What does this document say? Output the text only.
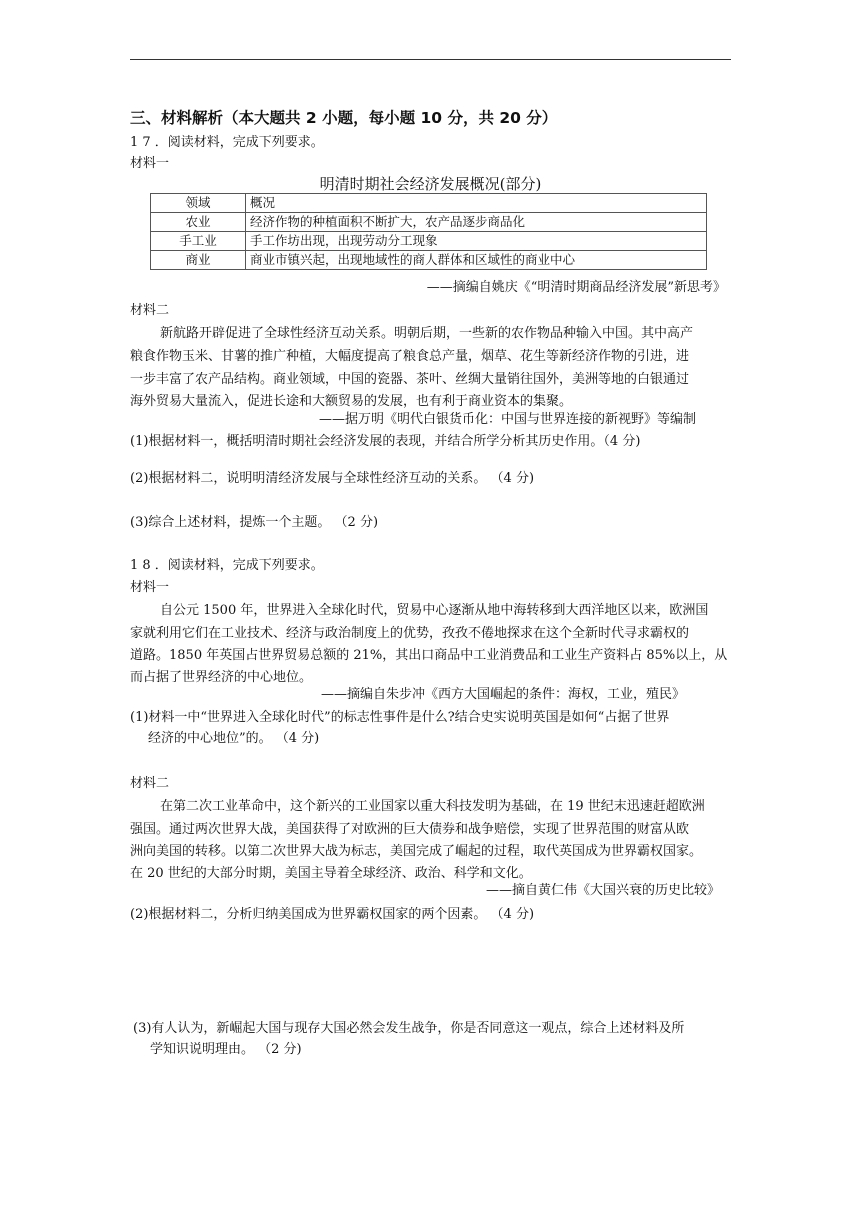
三、材料解析（本大题共 2 小题，每小题 10 分，共 20 分）
1 7 ．阅读材料，完成下列要求。
材料一
明清时期社会经济发展概况(部分)
领域	概况
农业	经济作物的种植面积不断扩大，农产品逐步商品化
手工业	手工作坊出现，出现劳动分工现象
商业	商业市镇兴起，出现地域性的商人群体和区域性的商业中心
——摘编自姚庆《“明清时期商品经济发展”新思考》
材料二
新航路开辟促进了全球性经济互动关系。明朝后期，一些新的农作物品种输入中国。其中高产
粮食作物玉米、甘薯的推广种植，大幅度提高了粮食总产量，烟草、花生等新经济作物的引进，进
一步丰富了农产品结构。商业领域，中国的瓷器、茶叶、丝绸大量销往国外，美洲等地的白银通过
海外贸易大量流入，促进长途和大额贸易的发展，也有利于商业资本的集聚。
——据万明《明代白银货币化：中国与世界连接的新视野》等编制
(1)根据材料一，概括明清时期社会经济发展的表现，并结合所学分析其历史作用。（4 分)
(2)根据材料二，说明明清经济发展与全球性经济互动的关系。 （4 分)
(3)综合上述材料，提炼一个主题。 （2 分)
1 8 ．阅读材料，完成下列要求。
材料一
自公元 1500 年，世界进入全球化时代，贸易中心逐渐从地中海转移到大西洋地区以来，欧洲国
家就利用它们在工业技术、经济与政治制度上的优势，孜孜不倦地探求在这个全新时代寻求霸权的
道路。1850 年英国占世界贸易总额的 21%，其出口商品中工业消费品和工业生产资料占 85%以上，从
而占据了世界经济的中心地位。
——摘编自朱步冲《西方大国崛起的条件：海权，工业，殖民》
(1)材料一中“世界进入全球化时代”的标志性事件是什么?结合史实说明英国是如何“占据了世界
经济的中心地位”的。 （4 分)
材料二
在第二次工业革命中，这个新兴的工业国家以重大科技发明为基础，在 19 世纪末迅速赶超欧洲
强国。通过两次世界大战，美国获得了对欧洲的巨大债券和战争赔偿，实现了世界范围的财富从欧
洲向美国的转移。以第二次世界大战为标志，美国完成了崛起的过程，取代英国成为世界霸权国家。
在 20 世纪的大部分时期，美国主导着全球经济、政治、科学和文化。
——摘自黄仁伟《大国兴衰的历史比较》
(2)根据材料二，分析归纳美国成为世界霸权国家的两个因素。 （4 分)
(3)有人认为，新崛起大国与现存大国必然会发生战争，你是否同意这一观点，综合上述材料及所
学知识说明理由。 （2 分)
